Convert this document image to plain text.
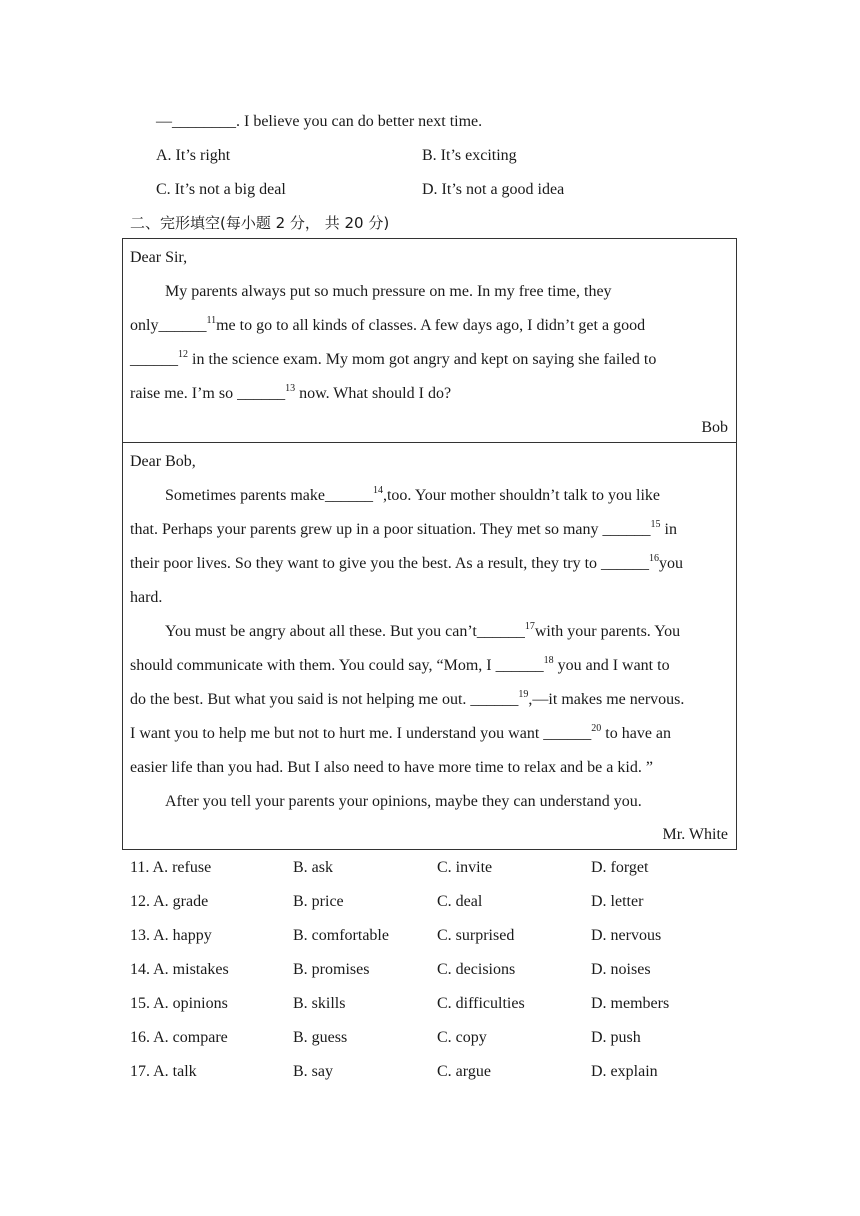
—________. I believe you can do better next time.
A. It’s right	B. It’s exciting
C. It’s not a big deal	D. It’s not a good idea
二、完形填空(每小题 2 分， 共 20 分)
Dear Sir,
My parents always put so much pressure on me. In my free time, they
only______$^{11}$me to go to all kinds of classes. A few days ago, I didn’t get a good
______$^{12}$ in the science exam. My mom got angry and kept on saying she failed to
raise me. I’m so ______$^{13}$ now. What should I do?
Bob
Dear Bob,
Sometimes parents make______$^{14}$,too. Your mother shouldn’t talk to you like
that. Perhaps your parents grew up in a poor situation. They met so many ______$^{15}$ in
their poor lives. So they want to give you the best. As a result, they try to ______$^{16}$you
hard.
You must be angry about all these. But you can’t______$^{17}$with your parents. You
should communicate with them. You could say, “Mom, I ______$^{18}$ you and I want to
do the best. But what you said is not helping me out. ______$^{19}$,—it makes me nervous.
I want you to help me but not to hurt me. I understand you want ______$^{20}$ to have an
easier life than you had. But I also need to have more time to relax and be a kid. ”
After you tell your parents your opinions, maybe they can understand you.
Mr. White
11. A. refuse	B. ask	C. invite	D. forget
12. A. grade	B. price	C. deal	D. letter
13. A. happy	B. comfortable	C. surprised	D. nervous
14. A. mistakes	B. promises	C. decisions	D. noises
15. A. opinions	B. skills	C. difficulties	D. members
16. A. compare	B. guess	C. copy	D. push
17. A. talk	B. say	C. argue	D. explain
